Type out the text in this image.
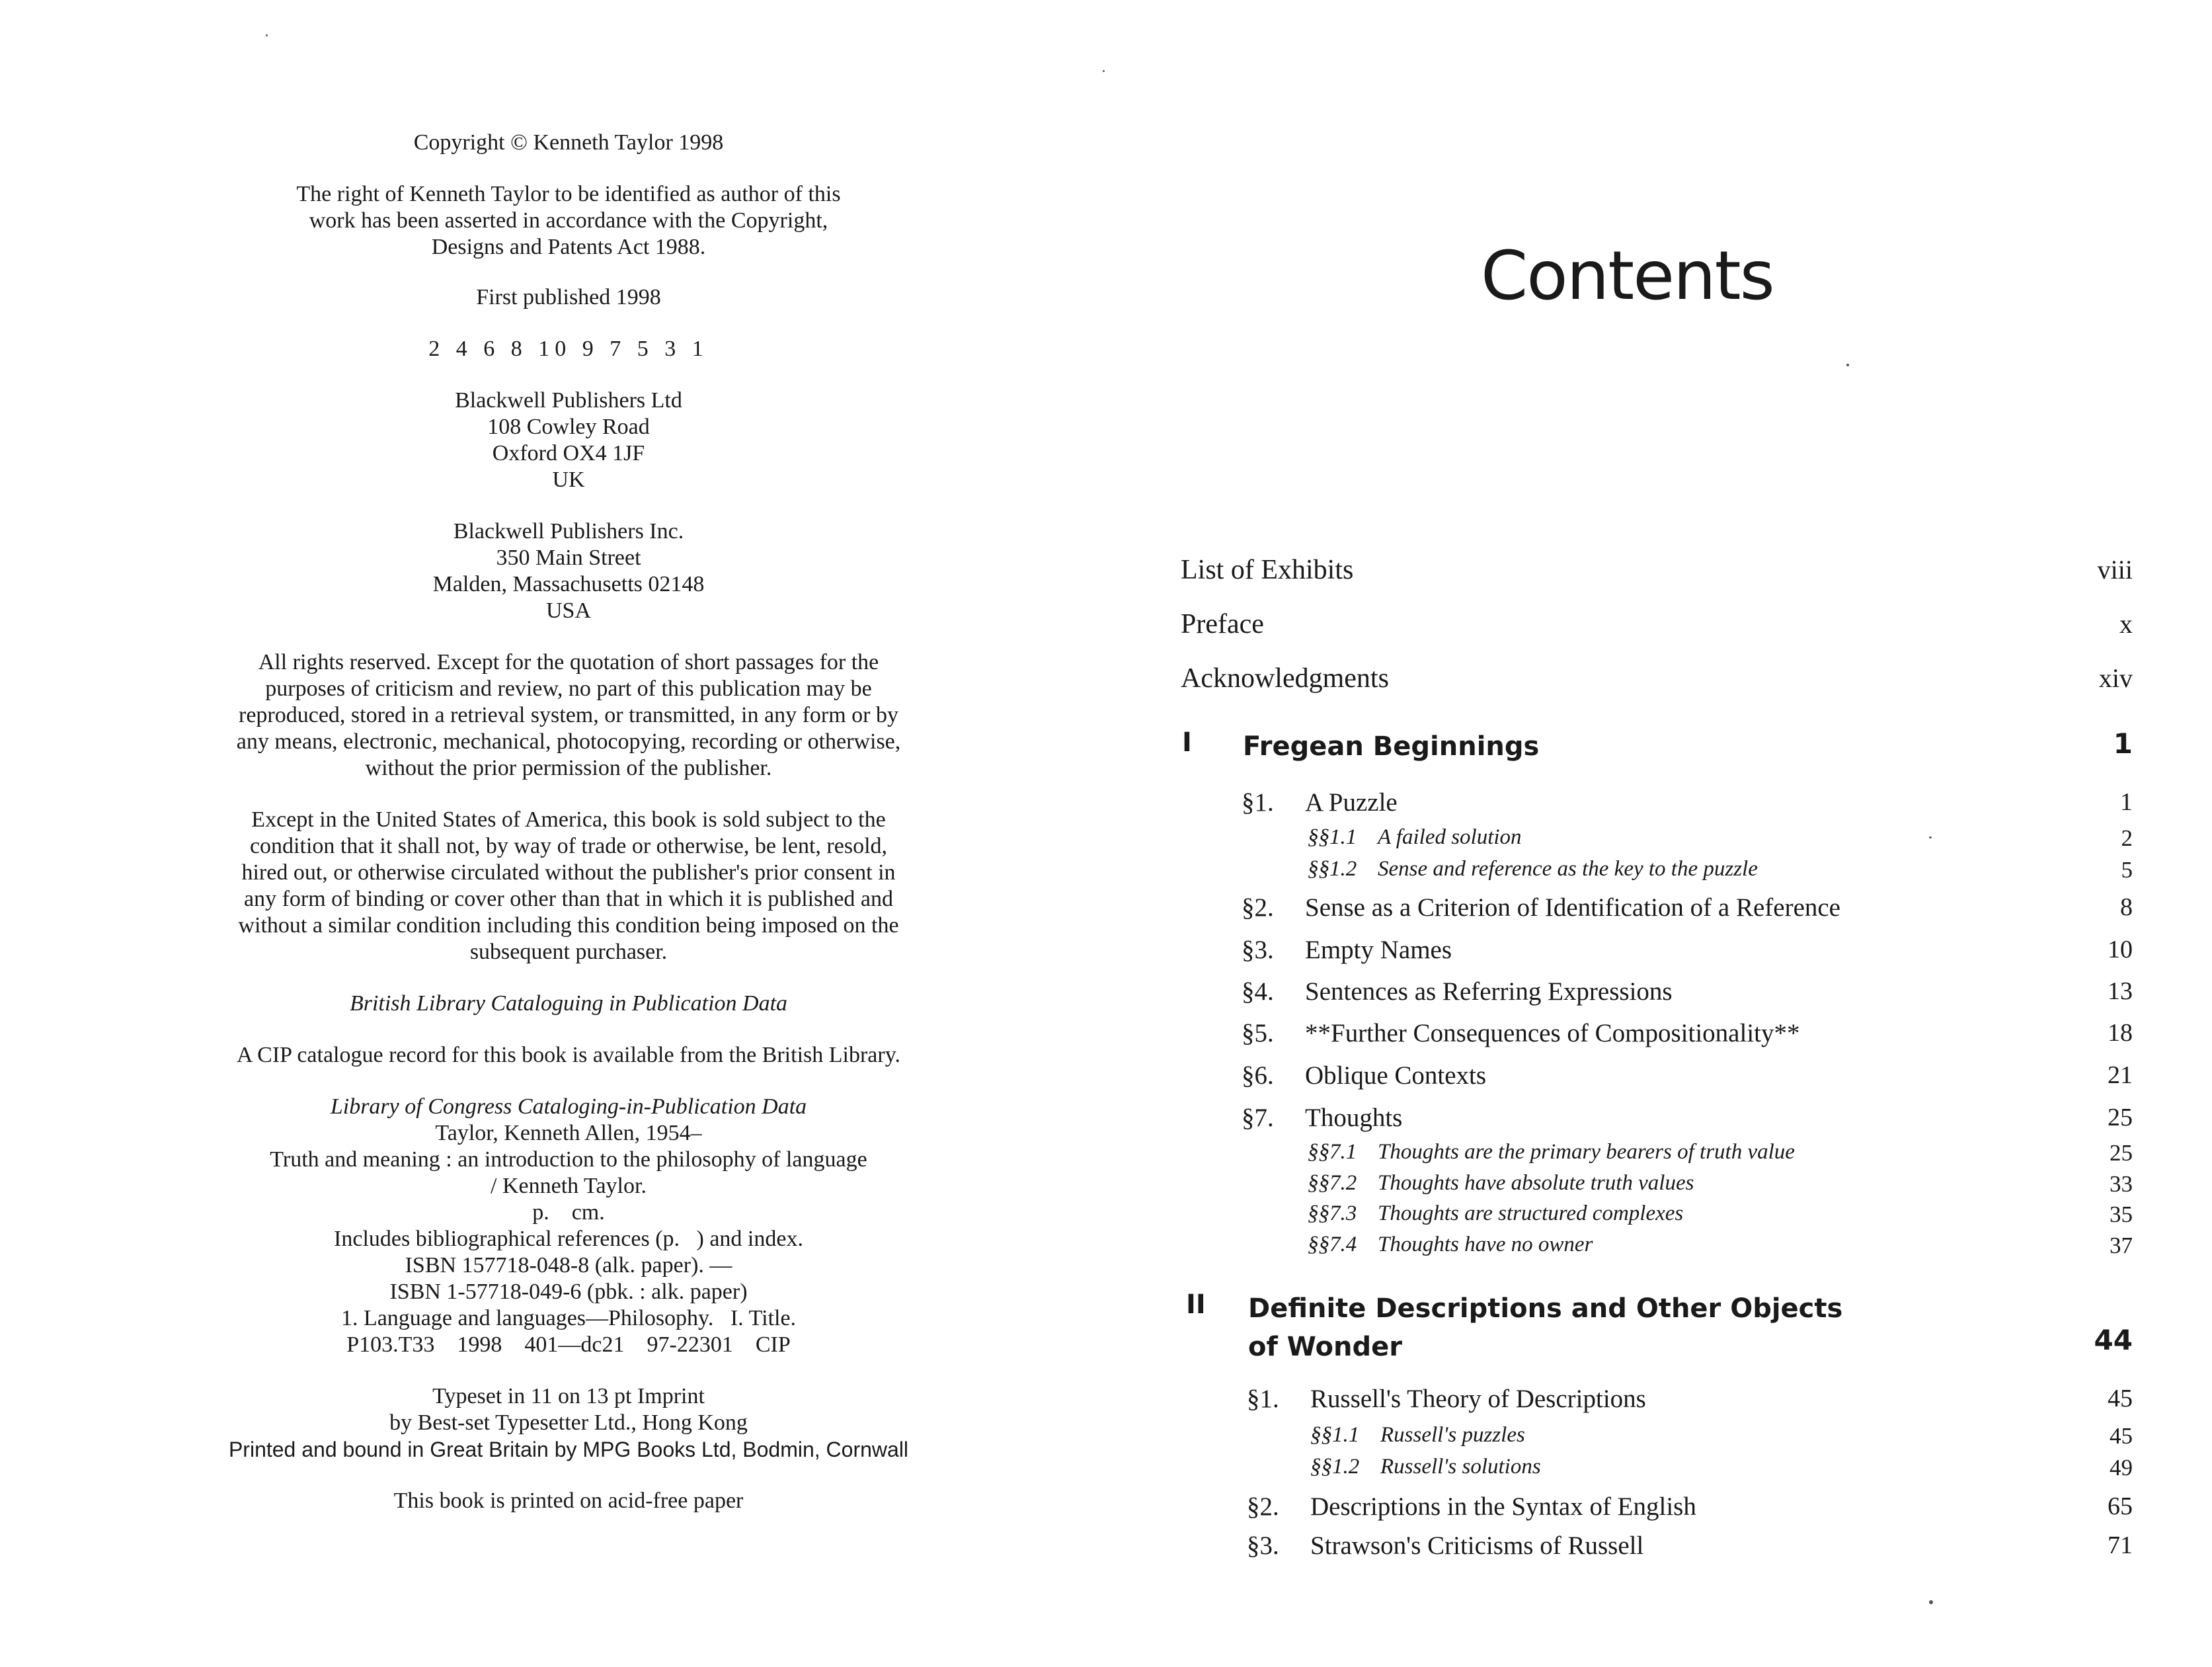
Copyright © Kenneth Taylor 1998

The right of Kenneth Taylor to be identified as author of this
work has been asserted in accordance with the Copyright,
Designs and Patents Act 1988.

First published 1998

2 4 6 8 10 9 7 5 3 1

Blackwell Publishers Ltd
108 Cowley Road
Oxford OX4 1JF
UK

Blackwell Publishers Inc.
350 Main Street
Malden, Massachusetts 02148
USA

All rights reserved. Except for the quotation of short passages for the
purposes of criticism and review, no part of this publication may be
reproduced, stored in a retrieval system, or transmitted, in any form or by
any means, electronic, mechanical, photocopying, recording or otherwise,
without the prior permission of the publisher.

Except in the United States of America, this book is sold subject to the
condition that it shall not, by way of trade or otherwise, be lent, resold,
hired out, or otherwise circulated without the publisher's prior consent in
any form of binding or cover other than that in which it is published and
without a similar condition including this condition being imposed on the
subsequent purchaser.

British Library Cataloguing in Publication Data

A CIP catalogue record for this book is available from the British Library.

Library of Congress Cataloging-in-Publication Data

Taylor, Kenneth Allen, 1954–
Truth and meaning : an introduction to the philosophy of language
/ Kenneth Taylor.
p.    cm.
Includes bibliographical references (p.   ) and index.
ISBN 157718-048-8 (alk. paper). —
ISBN 1-57718-049-6 (pbk. : alk. paper)
1. Language and languages—Philosophy.   I. Title.
P103.T33    1998    401—dc21    97-22301    CIP

Typeset in 11 on 13 pt Imprint
by Best-set Typesetter Ltd., Hong Kong

Printed and bound in Great Britain by MPG Books Ltd, Bodmin, Cornwall

This book is printed on acid-free paper

Contents
List of Exhibits	viii
Preface	x
Acknowledgments	xiv
I Fregean Beginnings	1
§1. A Puzzle	1
§§1.1 A failed solution	2
§§1.2 Sense and reference as the key to the puzzle	5
§2. Sense as a Criterion of Identification of a Reference	8
§3. Empty Names	10
§4. Sentences as Referring Expressions	13
§5. **Further Consequences of Compositionality**	18
§6. Oblique Contexts	21
§7. Thoughts	25
§§7.1 Thoughts are the primary bearers of truth value	25
§§7.2 Thoughts have absolute truth values	33
§§7.3 Thoughts are structured complexes	35
§§7.4 Thoughts have no owner	37
II Definite Descriptions and Other Objects
of Wonder	44
§1. Russell's Theory of Descriptions	45
§§1.1 Russell's puzzles	45
§§1.2 Russell's solutions	49
§2. Descriptions in the Syntax of English	65
§3. Strawson's Criticisms of Russell	71
